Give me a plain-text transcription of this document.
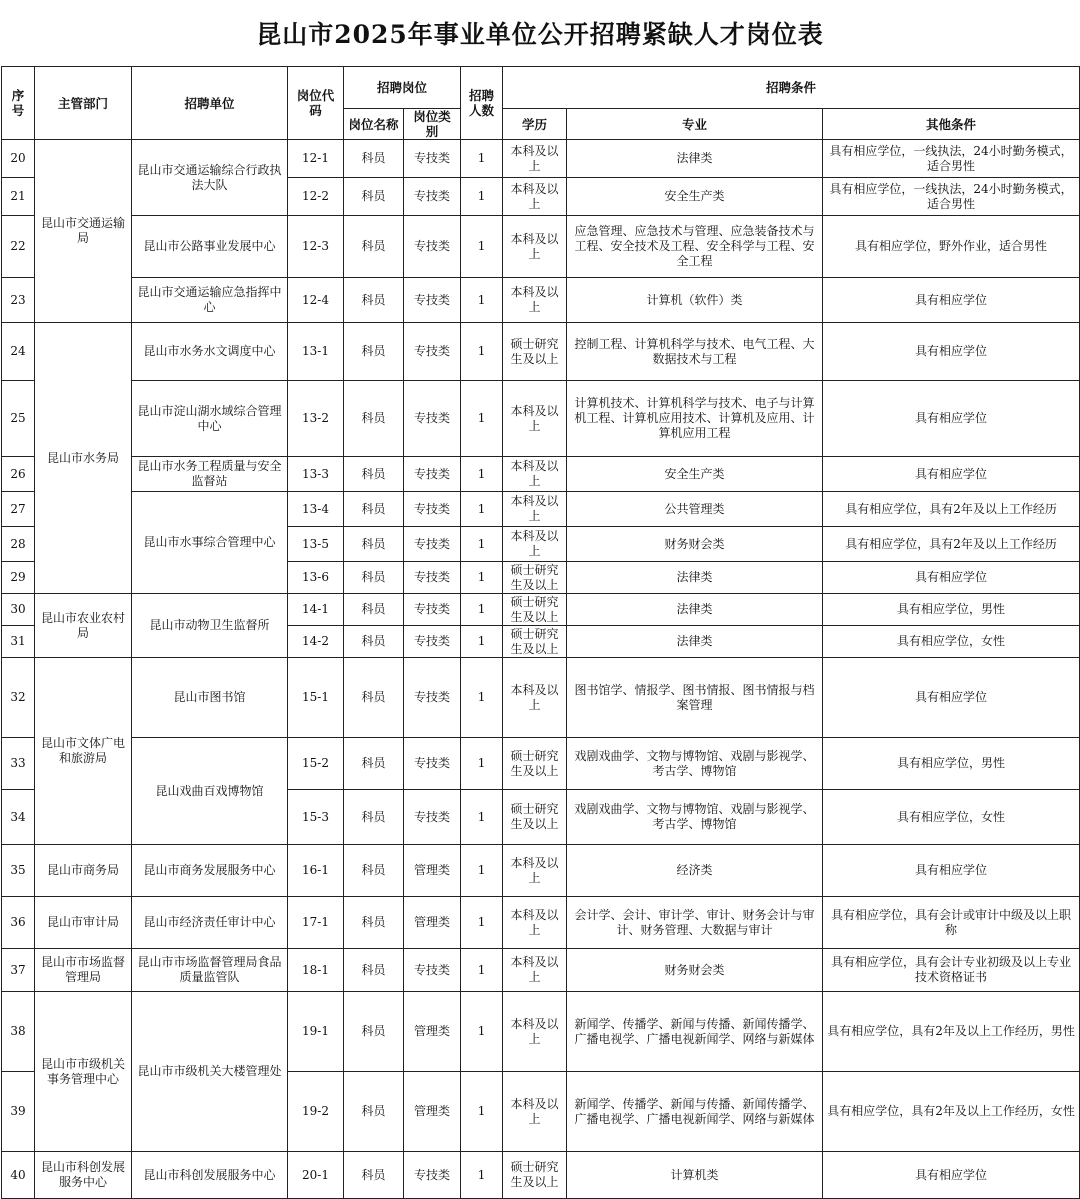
昆山市2025年事业单位公开招聘紧缺人才岗位表
序号	主管部门	招聘单位	岗位代码	招聘岗位		招聘人数	招聘条件		
				岗位名称	岗位类别		学历	专业	其他条件
20	昆山市交通运输局	昆山市交通运输综合行政执法大队	12-1	科员	专技类	1	本科及以上	法律类	具有相应学位，一线执法，24小时勤务模式，适合男性
21			12-2	科员	专技类	1	本科及以上	安全生产类	具有相应学位，一线执法，24小时勤务模式，适合男性
22		昆山市公路事业发展中心	12-3	科员	专技类	1	本科及以上	应急管理、应急技术与管理、应急装备技术与工程、安全技术及工程、安全科学与工程、安全工程	具有相应学位，野外作业，适合男性
23		昆山市交通运输应急指挥中心	12-4	科员	专技类	1	本科及以上	计算机（软件）类	具有相应学位
24	昆山市水务局	昆山市水务水文调度中心	13-1	科员	专技类	1	硕士研究生及以上	控制工程、计算机科学与技术、电气工程、大数据技术与工程	具有相应学位
25		昆山市淀山湖水域综合管理中心	13-2	科员	专技类	1	本科及以上	计算机技术、计算机科学与技术、电子与计算机工程、计算机应用技术、计算机及应用、计算机应用工程	具有相应学位
26		昆山市水务工程质量与安全监督站	13-3	科员	专技类	1	本科及以上	安全生产类	具有相应学位
27		昆山市水事综合管理中心	13-4	科员	专技类	1	本科及以上	公共管理类	具有相应学位，具有2年及以上工作经历
28			13-5	科员	专技类	1	本科及以上	财务财会类	具有相应学位，具有2年及以上工作经历
29			13-6	科员	专技类	1	硕士研究生及以上	法律类	具有相应学位
30	昆山市农业农村局	昆山市动物卫生监督所	14-1	科员	专技类	1	硕士研究生及以上	法律类	具有相应学位，男性
31			14-2	科员	专技类	1	硕士研究生及以上	法律类	具有相应学位，女性
32	昆山市文体广电和旅游局	昆山市图书馆	15-1	科员	专技类	1	本科及以上	图书馆学、情报学、图书情报、图书情报与档案管理	具有相应学位
33		昆山戏曲百戏博物馆	15-2	科员	专技类	1	硕士研究生及以上	戏剧戏曲学、文物与博物馆、戏剧与影视学、考古学、博物馆	具有相应学位，男性
34			15-3	科员	专技类	1	硕士研究生及以上	戏剧戏曲学、文物与博物馆、戏剧与影视学、考古学、博物馆	具有相应学位，女性
35	昆山市商务局	昆山市商务发展服务中心	16-1	科员	管理类	1	本科及以上	经济类	具有相应学位
36	昆山市审计局	昆山市经济责任审计中心	17-1	科员	管理类	1	本科及以上	会计学、会计、审计学、审计、财务会计与审计、财务管理、大数据与审计	具有相应学位，具有会计或审计中级及以上职称
37	昆山市市场监督管理局	昆山市市场监督管理局食品质量监管队	18-1	科员	专技类	1	本科及以上	财务财会类	具有相应学位，具有会计专业初级及以上专业技术资格证书
38	昆山市市级机关事务管理中心	昆山市市级机关大楼管理处	19-1	科员	管理类	1	本科及以上	新闻学、传播学、新闻与传播、新闻传播学、广播电视学、广播电视新闻学、网络与新媒体	具有相应学位，具有2年及以上工作经历，男性
39			19-2	科员	管理类	1	本科及以上	新闻学、传播学、新闻与传播、新闻传播学、广播电视学、广播电视新闻学、网络与新媒体	具有相应学位，具有2年及以上工作经历，女性
40	昆山市科创发展服务中心	昆山市科创发展服务中心	20-1	科员	专技类	1	硕士研究生及以上	计算机类	具有相应学位
